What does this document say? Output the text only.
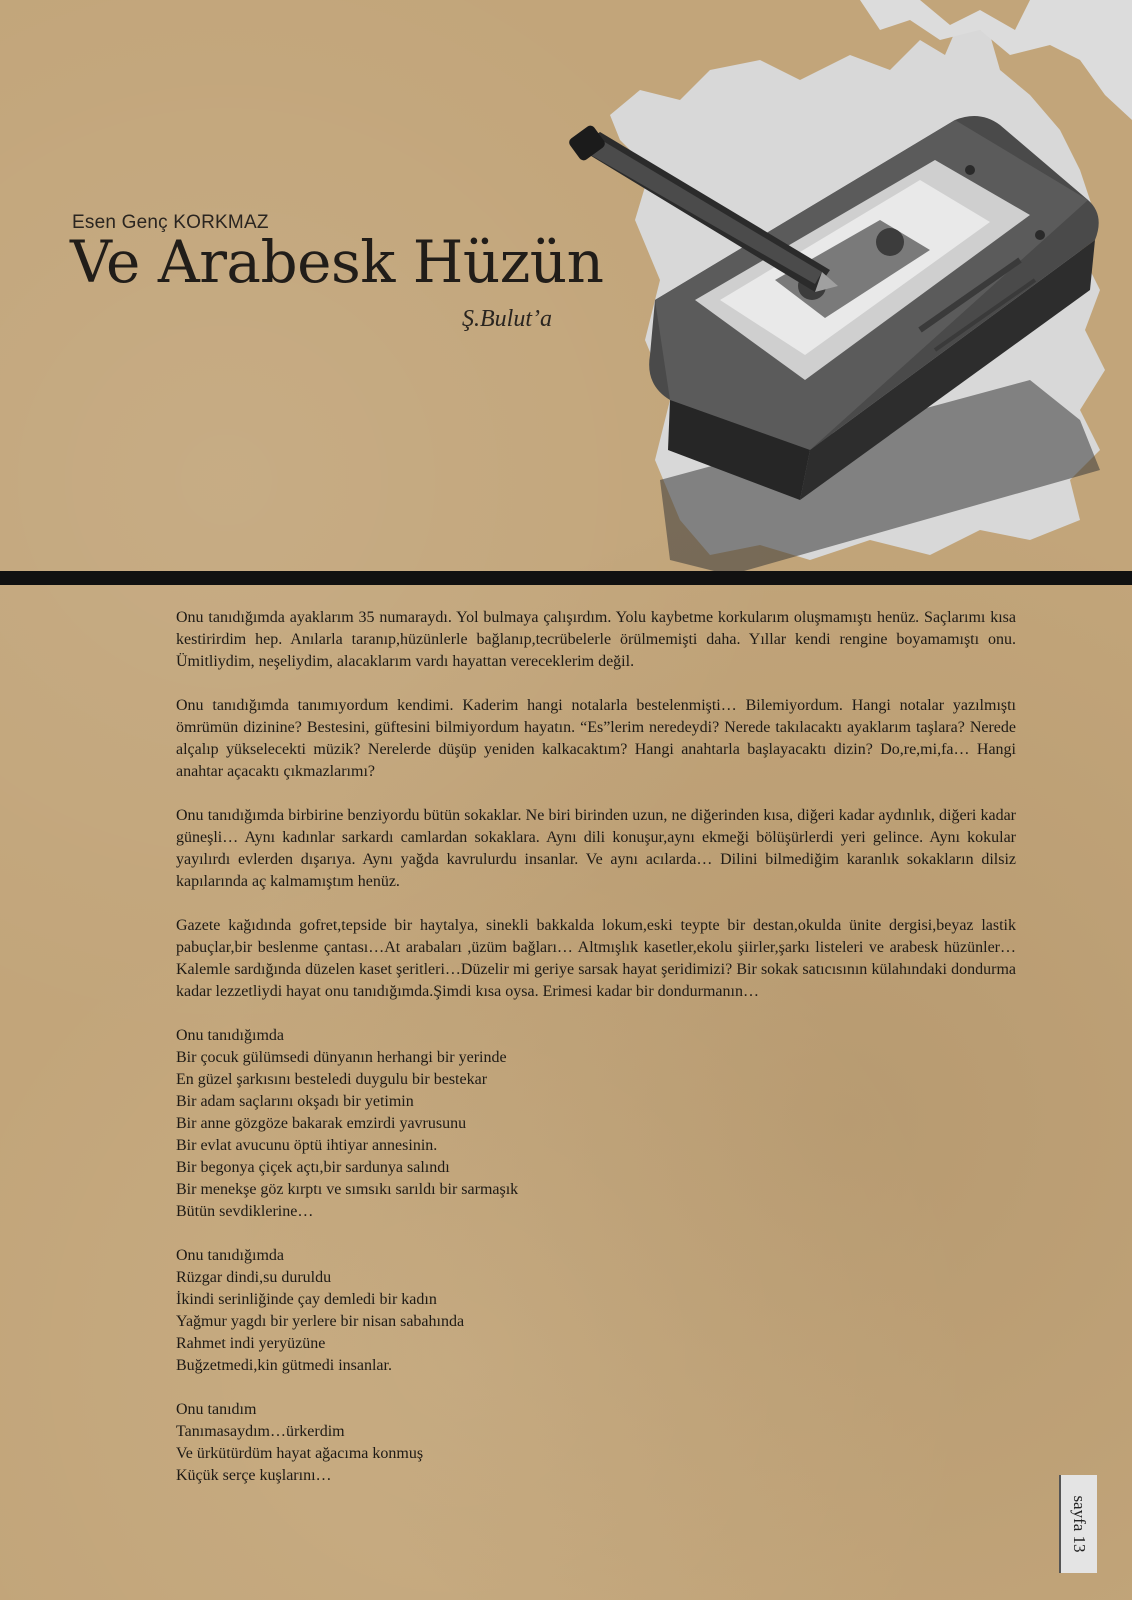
Esen Genç KORKMAZ
Ve Arabesk Hüzün
Ş.Bulut’a

Onu tanıdığımda ayaklarım 35 numaraydı. Yol bulmaya çalışırdım. Yolu kaybetme korkularım oluşmamıştı henüz. Saçlarımı kısa kestirirdim hep. Anılarla taranıp,hüzünlerle bağlanıp,tecrübelerle örülmemişti daha. Yıllar kendi rengine boyamamıştı onu. Ümitliydim, neşeliydim, alacaklarım vardı hayattan vereceklerim değil.

Onu tanıdığımda tanımıyordum kendimi. Kaderim hangi notalarla bestelenmişti… Bilemiyordum. Hangi notalar yazılmıştı ömrümün dizinine? Bestesini, güftesini bilmiyordum hayatın. “Es”lerim neredeydi? Nerede takılacaktı ayaklarım taşlara? Nerede alçalıp yükselecekti müzik? Nerelerde düşüp yeniden kalkacaktım? Hangi anahtarla başlayacaktı dizin? Do,re,mi,fa… Hangi anahtar açacaktı çıkmazlarımı?

Onu tanıdığımda birbirine benziyordu bütün sokaklar. Ne biri birinden uzun, ne diğerinden kısa, diğeri kadar aydınlık, diğeri kadar güneşli… Aynı kadınlar sarkardı camlardan sokaklara. Aynı dili konuşur,aynı ekmeği bölüşürlerdi yeri gelince. Aynı kokular yayılırdı evlerden dışarıya. Aynı yağda kavrulurdu insanlar. Ve aynı acılarda… Dilini bilmediğim karanlık sokakların dilsiz kapılarında aç kalmamıştım henüz.

Gazete kağıdında gofret,tepside bir haytalya, sinekli bakkalda lokum,eski teypte bir destan,okulda ünite dergisi,beyaz lastik pabuçlar,bir beslenme çantası…At arabaları ,üzüm bağları… Altmışlık kasetler,ekolu şiirler,şarkı listeleri ve arabesk hüzünler… Kalemle sardığında düzelen kaset şeritleri…Düzelir mi geriye sarsak hayat şeridimizi? Bir sokak satıcısının külahındaki dondurma kadar lezzetliydi hayat onu tanıdığımda.Şimdi kısa oysa. Erimesi kadar bir dondurmanın…

Onu tanıdığımda
Bir çocuk gülümsedi dünyanın herhangi bir yerinde
En güzel şarkısını besteledi duygulu bir bestekar
Bir adam saçlarını okşadı bir yetimin
Bir anne gözgöze bakarak emzirdi yavrusunu
Bir evlat avucunu öptü ihtiyar annesinin.
Bir begonya çiçek açtı,bir sardunya salındı
Bir menekşe göz kırptı ve sımsıkı sarıldı bir sarmaşık
Bütün sevdiklerine…
Onu tanıdığımda
Rüzgar dindi,su duruldu
İkindi serinliğinde çay demledi bir kadın
Yağmur yagdı bir yerlere bir nisan sabahında
Rahmet indi yeryüzüne
Buğzetmedi,kin gütmedi insanlar.
Onu tanıdım
Tanımasaydım…ürkerdim
Ve ürkütürdüm hayat ağacıma konmuş
Küçük serçe kuşlarını…
sayfa 13
